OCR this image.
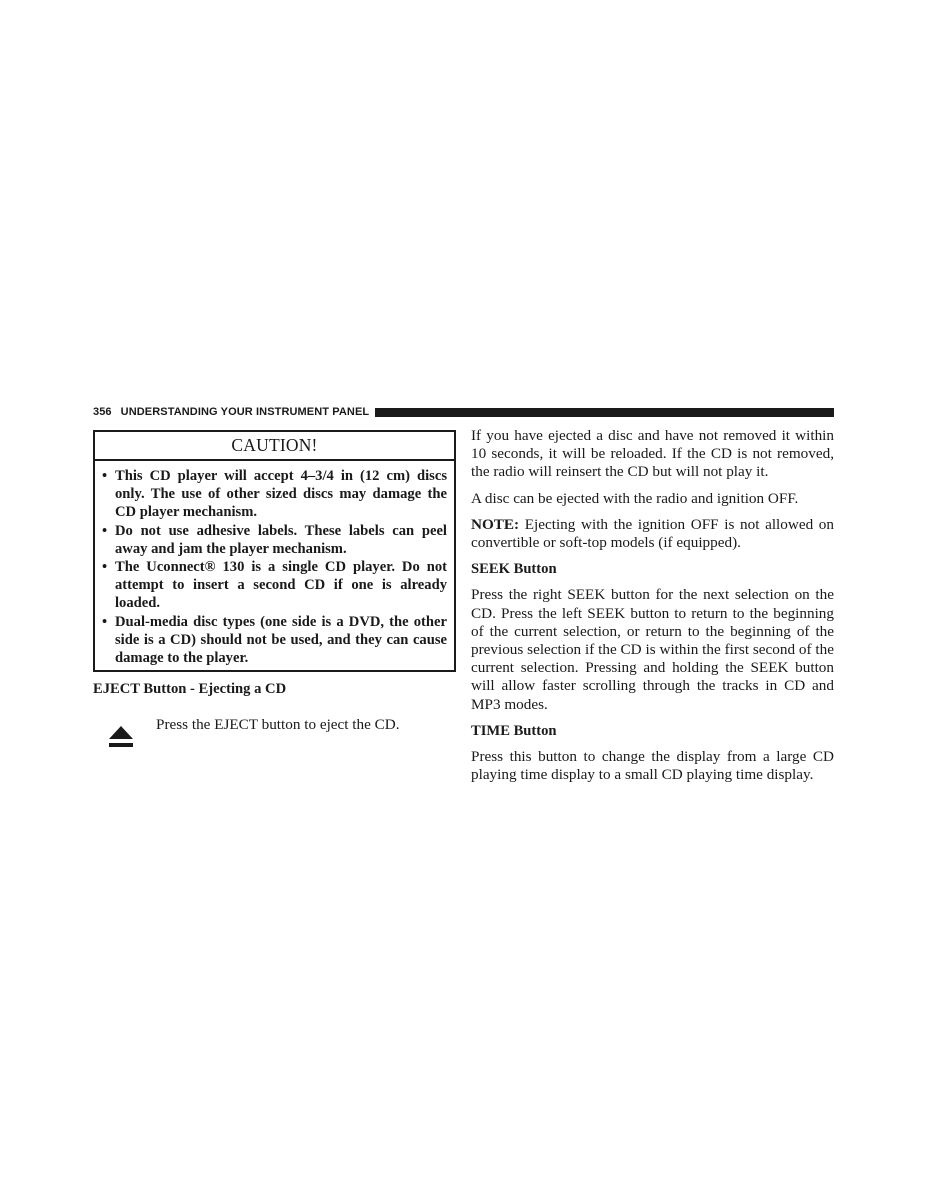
356 UNDERSTANDING YOUR INSTRUMENT PANEL
CAUTION!
• This CD player will accept 4–3/4 in (12 cm) discs only. The use of other sized discs may damage the CD player mechanism.
• Do not use adhesive labels. These labels can peel away and jam the player mechanism.
• The Uconnect® 130 is a single CD player. Do not attempt to insert a second CD if one is already loaded.
• Dual-media disc types (one side is a DVD, the other side is a CD) should not be used, and they can cause damage to the player.
EJECT Button - Ejecting a CD
Press the EJECT button to eject the CD.

If you have ejected a disc and have not removed it within 10 seconds, it will be reloaded. If the CD is not removed, the radio will reinsert the CD but will not play it.

A disc can be ejected with the radio and ignition OFF.

NOTE: Ejecting with the ignition OFF is not allowed on convertible or soft-top models (if equipped).

SEEK Button

Press the right SEEK button for the next selection on the CD. Press the left SEEK button to return to the beginning of the current selection, or return to the beginning of the previous selection if the CD is within the first second of the current selection. Pressing and holding the SEEK button will allow faster scrolling through the tracks in CD and MP3 modes.

TIME Button

Press this button to change the display from a large CD playing time display to a small CD playing time display.
